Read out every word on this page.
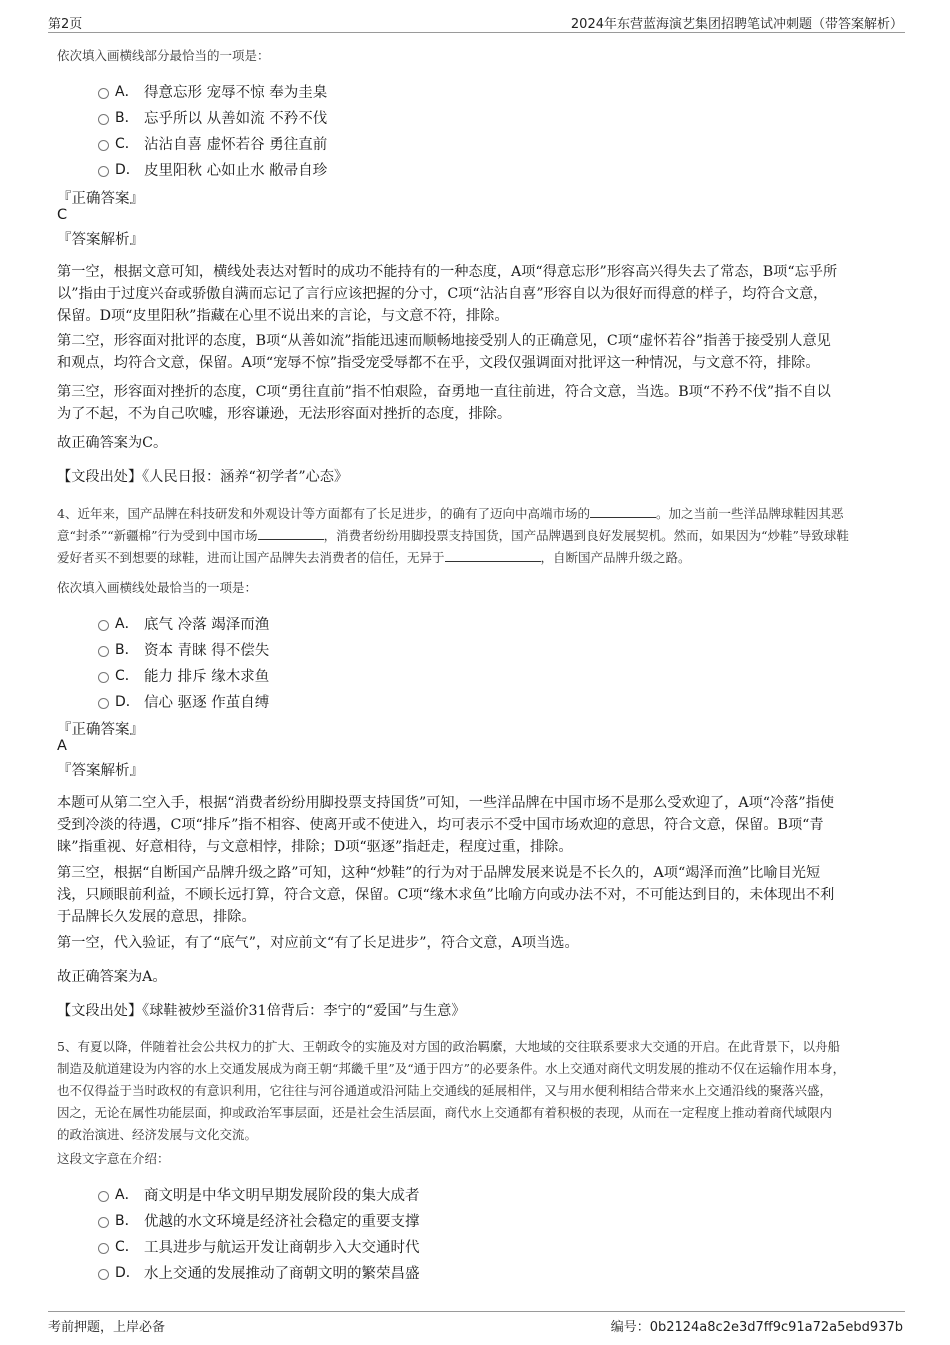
第2页	2024年东营蓝海演艺集团招聘笔试冲刺题（带答案解析）
依次填入画横线部分最恰当的一项是：
A． 得意忘形 宠辱不惊 奉为圭臬
B． 忘乎所以 从善如流 不矜不伐
C． 沾沾自喜 虚怀若谷 勇往直前
D． 皮里阳秋 心如止水 敝帚自珍
『正确答案』
C
『答案解析』
第一空，根据文意可知，横线处表达对暂时的成功不能持有的一种态度，A项“得意忘形”形容高兴得失去了常态，B项“忘乎所
以”指由于过度兴奋或骄傲自满而忘记了言行应该把握的分寸，C项“沾沾自喜”形容自以为很好而得意的样子，均符合文意，
保留。D项“皮里阳秋”指藏在心里不说出来的言论，与文意不符，排除。
第二空，形容面对批评的态度，B项“从善如流”指能迅速而顺畅地接受别人的正确意见，C项“虚怀若谷”指善于接受别人意见
和观点，均符合文意，保留。A项“宠辱不惊”指受宠受辱都不在乎，文段仅强调面对批评这一种情况，与文意不符，排除。
第三空，形容面对挫折的态度，C项“勇往直前”指不怕艰险，奋勇地一直往前进，符合文意，当选。B项“不矜不伐”指不自以
为了不起，不为自己吹嘘，形容谦逊，无法形容面对挫折的态度，排除。
故正确答案为C。
【文段出处】《人民日报：涵养“初学者”心态》
4、近年来，国产品牌在科技研发和外观设计等方面都有了长足进步，的确有了迈向中高端市场的	。加之当前一些洋品牌球鞋因其恶
意“封杀”“新疆棉”行为受到中国市场	，消费者纷纷用脚投票支持国货，国产品牌遇到良好发展契机。然而，如果因为“炒鞋”导致球鞋
爱好者买不到想要的球鞋，进而让国产品牌失去消费者的信任，无异于	，自断国产品牌升级之路。
依次填入画横线处最恰当的一项是：
A． 底气 冷落 竭泽而渔
B． 资本 青睐 得不偿失
C． 能力 排斥 缘木求鱼
D． 信心 驱逐 作茧自缚
『正确答案』
A
『答案解析』
本题可从第二空入手，根据“消费者纷纷用脚投票支持国货”可知，一些洋品牌在中国市场不是那么受欢迎了，A项“冷落”指使
受到冷淡的待遇，C项“排斥”指不相容、使离开或不使进入，均可表示不受中国市场欢迎的意思，符合文意，保留。B项“青
睐”指重视、好意相待，与文意相悖，排除；D项“驱逐”指赶走，程度过重，排除。
第三空，根据“自断国产品牌升级之路”可知，这种“炒鞋”的行为对于品牌发展来说是不长久的，A项“竭泽而渔”比喻目光短
浅，只顾眼前利益，不顾长远打算，符合文意，保留。C项“缘木求鱼”比喻方向或办法不对，不可能达到目的，未体现出不利
于品牌长久发展的意思，排除。
第一空，代入验证，有了“底气”，对应前文“有了长足进步”，符合文意，A项当选。
故正确答案为A。
【文段出处】《球鞋被炒至溢价31倍背后：李宁的“爱国”与生意》
5、有夏以降，伴随着社会公共权力的扩大、王朝政令的实施及对方国的政治羁縻，大地域的交往联系要求大交通的开启。在此背景下，以舟船
制造及航道建设为内容的水上交通发展成为商王朝“邦畿千里”及“通于四方”的必要条件。水上交通对商代文明发展的推动不仅在运输作用本身，
也不仅得益于当时政权的有意识利用，它往往与河谷通道或沿河陆上交通线的延展相伴，又与用水便利相结合带来水上交通沿线的聚落兴盛，
因之，无论在属性功能层面，抑或政治军事层面，还是社会生活层面，商代水上交通都有着积极的表现，从而在一定程度上推动着商代域限内
的政治演进、经济发展与文化交流。
这段文字意在介绍：
A． 商文明是中华文明早期发展阶段的集大成者
B． 优越的水文环境是经济社会稳定的重要支撑
C． 工具进步与航运开发让商朝步入大交通时代
D． 水上交通的发展推动了商朝文明的繁荣昌盛
考前押题，上岸必备	编号：0b2124a8c2e3d7ff9c91a72a5ebd937b
